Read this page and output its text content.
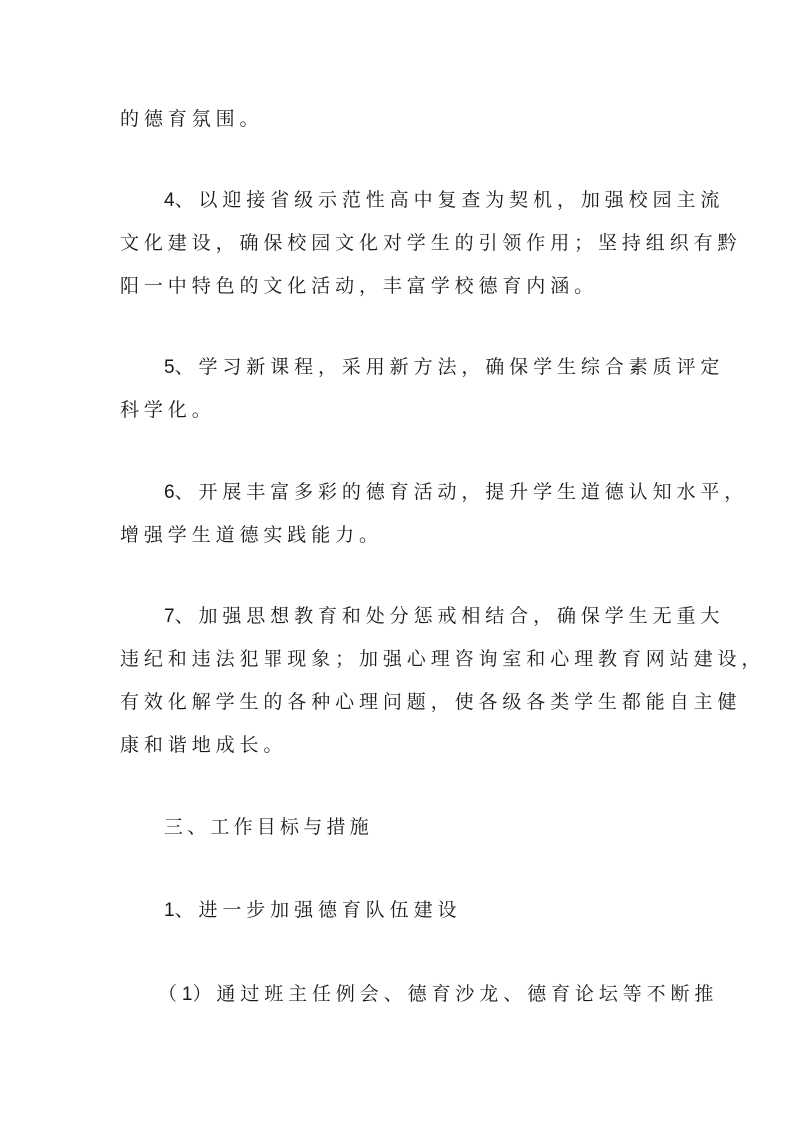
的德育氛围。
4、以迎接省级示范性高中复查为契机，加强校园主流
文化建设，确保校园文化对学生的引领作用；坚持组织有黔
阳一中特色的文化活动，丰富学校德育内涵。
5、学习新课程，采用新方法，确保学生综合素质评定
科学化。
6、开展丰富多彩的德育活动，提升学生道德认知水平，
增强学生道德实践能力。
7、加强思想教育和处分惩戒相结合，确保学生无重大
违纪和违法犯罪现象；加强心理咨询室和心理教育网站建设，
有效化解学生的各种心理问题，使各级各类学生都能自主健
康和谐地成长。
三、工作目标与措施
1、进一步加强德育队伍建设
（1）通过班主任例会、德育沙龙、德育论坛等不断推
